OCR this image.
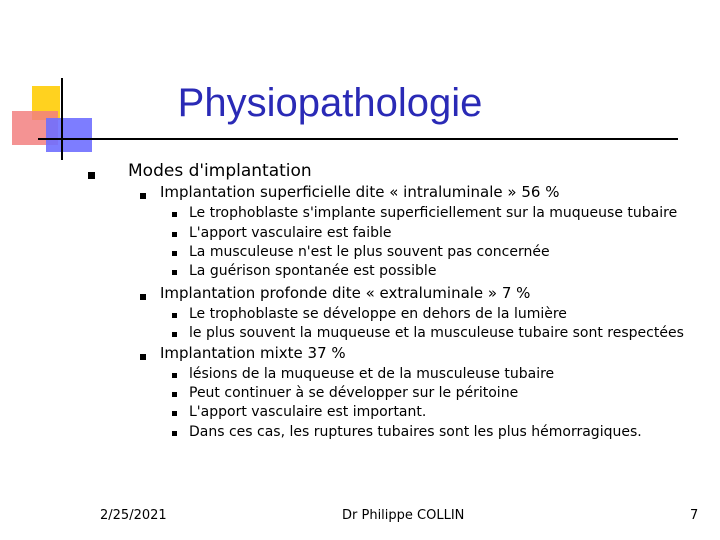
Physiopathologie
Modes d'implantation
Implantation superficielle dite « intraluminale » 56 %
Le trophoblaste s'implante superficiellement sur la muqueuse tubaire
L'apport vasculaire est faible
La musculeuse n'est le plus souvent pas concernée
La guérison spontanée est possible
Implantation profonde dite « extraluminale » 7 %
Le trophoblaste se développe en dehors de la lumière
le plus souvent la muqueuse et la musculeuse tubaire sont respectées
Implantation mixte 37 %
lésions de la muqueuse et de la musculeuse tubaire
Peut continuer à se développer sur le péritoine
L'apport vasculaire est important.
Dans ces cas, les ruptures tubaires sont les plus hémorragiques.
2/25/2021	Dr Philippe COLLIN	7
